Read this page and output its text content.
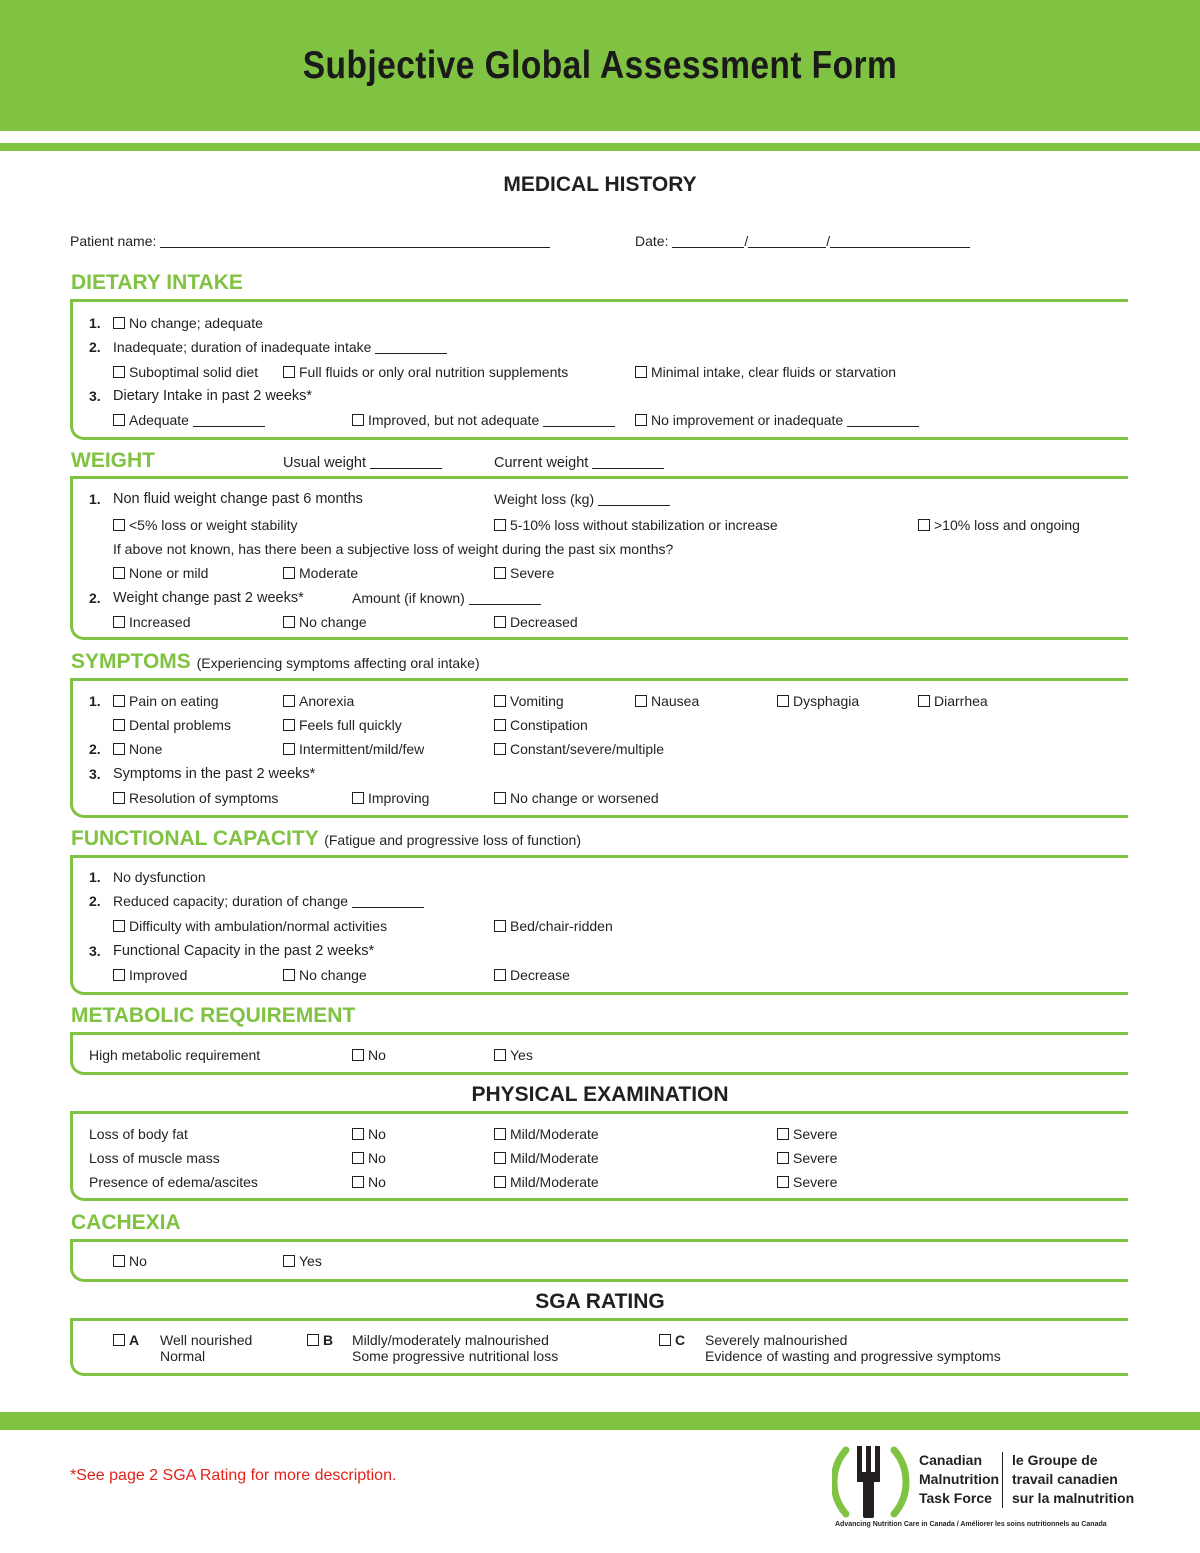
Subjective Global Assessment Form
MEDICAL HISTORY
Patient name:	Date:	/	/
DIETARY INTAKE
1.	No change; adequate
2. Inadequate; duration of inadequate intake
Suboptimal solid diet	Full fluids or only oral nutrition supplements	Minimal intake, clear fluids or starvation
3. Dietary Intake in past 2 weeks*
Adequate	Improved, but not adequate	No improvement or inadequate
WEIGHT	Usual weight	Current weight
1. Non fluid weight change past 6 months	Weight loss (kg)
<5% loss or weight stability	5-10% loss without stabilization or increase	>10% loss and ongoing
If above not known, has there been a subjective loss of weight during the past six months?
None or mild	Moderate	Severe
2. Weight change past 2 weeks*	Amount (if known)
Increased	No change	Decreased
SYMPTOMS (Experiencing symptoms affecting oral intake)
1.	Pain on eating	Anorexia	Vomiting	Nausea	Dysphagia	Diarrhea
Dental problems	Feels full quickly	Constipation
2.	None	Intermittent/mild/few	Constant/severe/multiple
3. Symptoms in the past 2 weeks*
Resolution of symptoms	Improving	No change or worsened
FUNCTIONAL CAPACITY (Fatigue and progressive loss of function)
1. No dysfunction
2. Reduced capacity; duration of change
Difficulty with ambulation/normal activities	Bed/chair-ridden
3. Functional Capacity in the past 2 weeks*
Improved	No change	Decrease
METABOLIC REQUIREMENT
High metabolic requirement	No	Yes
PHYSICAL EXAMINATION
Loss of body fat	No	Mild/Moderate	Severe
Loss of muscle mass	No	Mild/Moderate	Severe
Presence of edema/ascites	No	Mild/Moderate	Severe
CACHEXIA
No	Yes
SGA RATING
A Well nourished
Normal
B Mildly/moderately malnourished
Some progressive nutritional loss
C Severely malnourished
Evidence of wasting and progressive symptoms
*See page 2 SGA Rating for more description.
Canadian
Malnutrition
Task Force
le Groupe de
travail canadien
sur la malnutrition
Advancing Nutrition Care in Canada / Améliorer les soins nutritionnels au Canada
